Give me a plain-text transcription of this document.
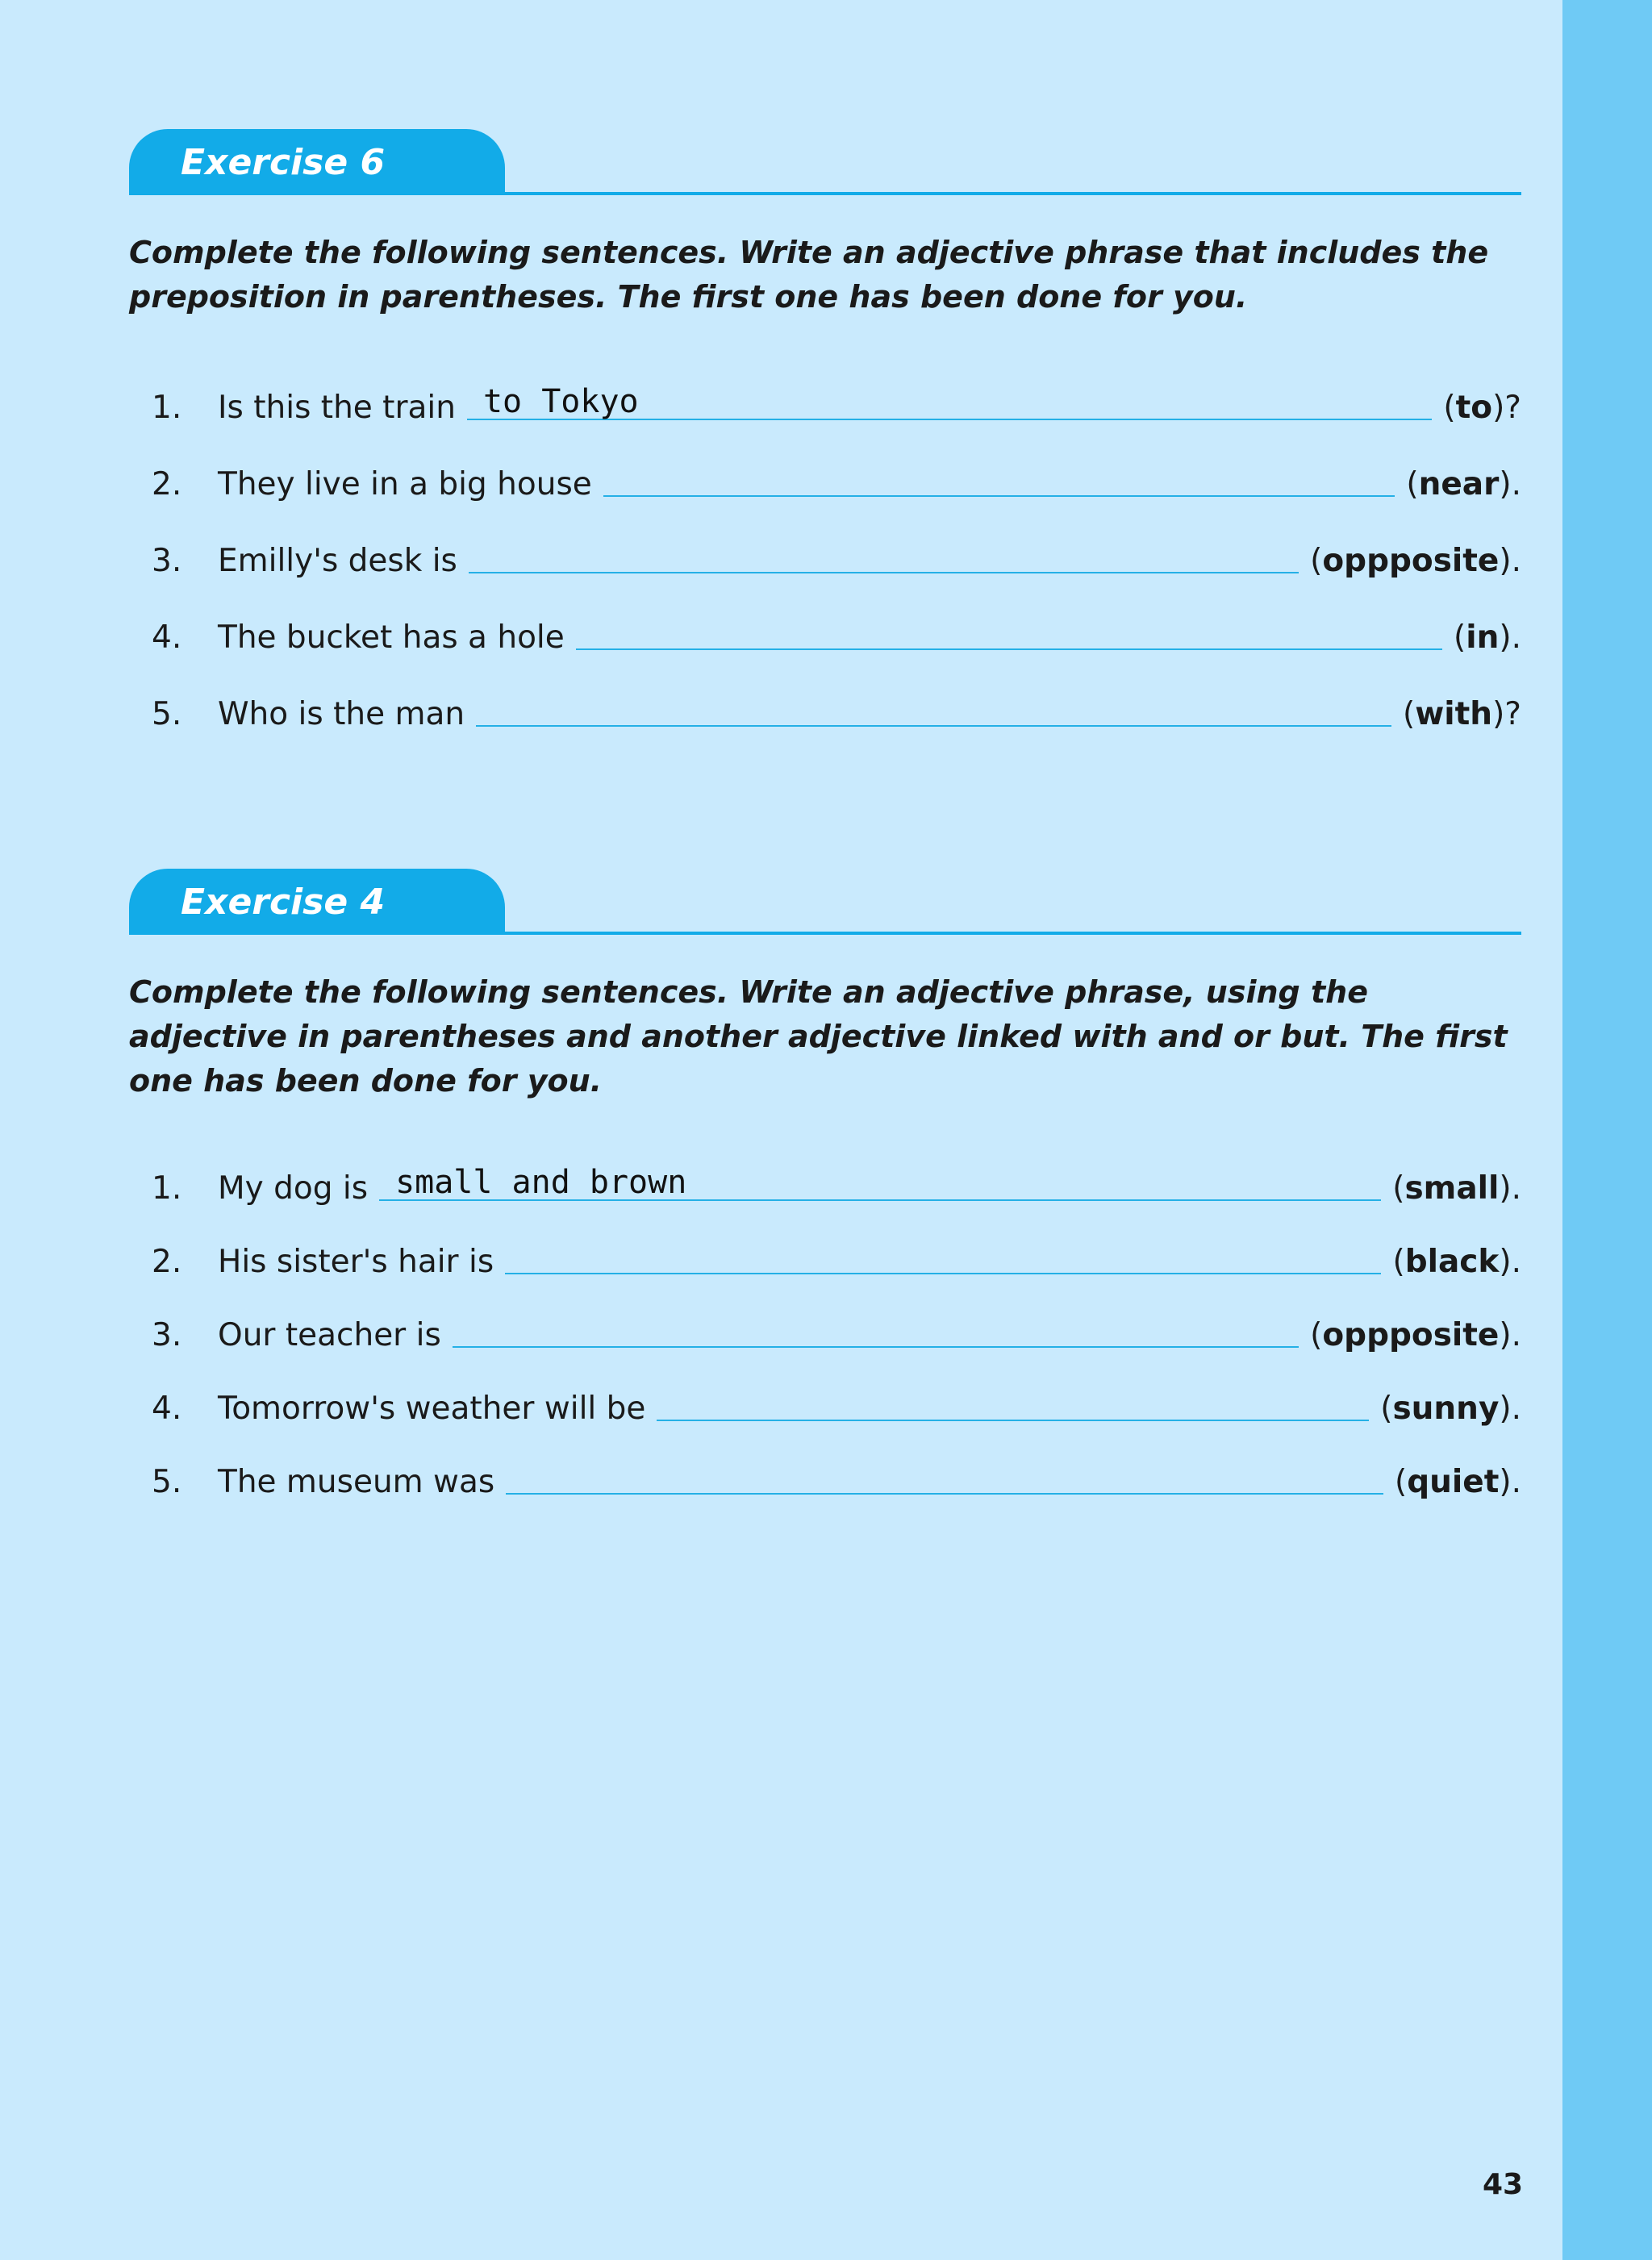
Exercise 6

Complete the following sentences. Write an adjective phrase that includes the preposition in parentheses. The first one has been done for you.

1.	Is this the train to Tokyo	(to)?
2.	They live in a big house	(near).
3.	Emilly's desk is	(oppposite).
4.	The bucket has a hole	(in).
5.	Who is the man	(with)?
Exercise 4

Complete the following sentences. Write an adjective phrase, using the adjective in parentheses and another adjective linked with and or but. The first one has been done for you.

1.	My dog is small and brown	(small).
2.	His sister's hair is	(black).
3.	Our teacher is	(oppposite).
4.	Tomorrow's weather will be	(sunny).
5.	The museum was	(quiet).
43
